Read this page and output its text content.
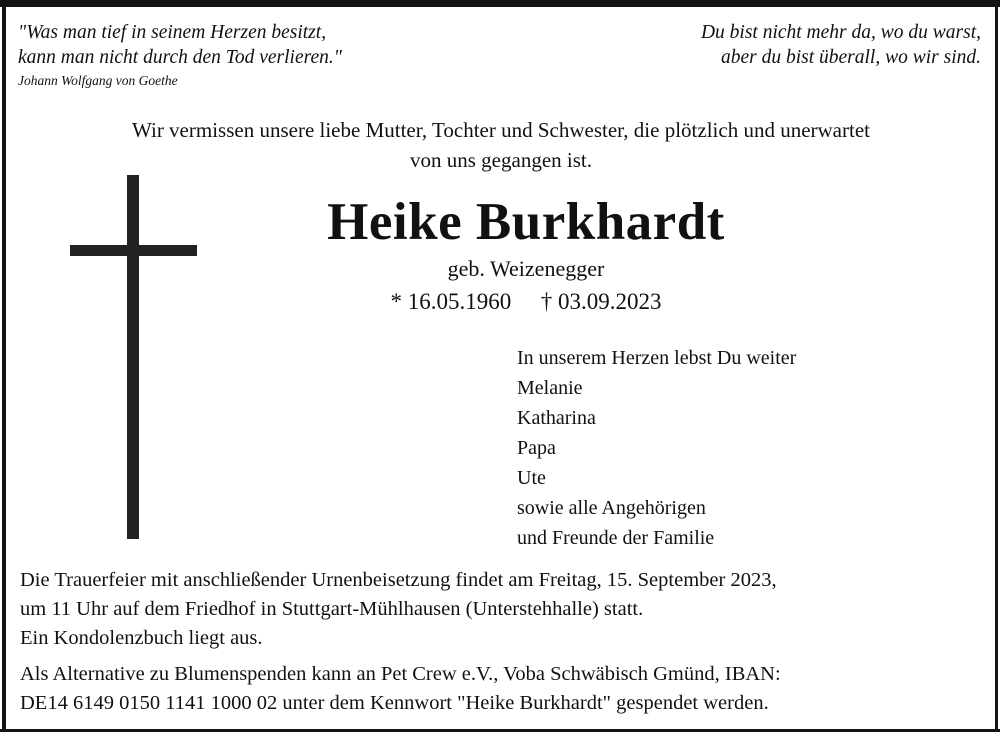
"Was man tief in seinem Herzen besitzt,
kann man nicht durch den Tod verlieren."
Johann Wolfgang von Goethe
Du bist nicht mehr da, wo du warst,
aber du bist überall, wo wir sind.
Wir vermissen unsere liebe Mutter, Tochter und Schwester, die plötzlich und unerwartet
von uns gegangen ist.
Heike Burkhardt
geb. Weizenegger
* 16.05.1960 † 03.09.2023
In unserem Herzen lebst Du weiter
Melanie
Katharina
Papa
Ute
sowie alle Angehörigen
und Freunde der Familie
Die Trauerfeier mit anschließender Urnenbeisetzung findet am Freitag, 15. September 2023,
um 11 Uhr auf dem Friedhof in Stuttgart-Mühlhausen (Unterstehhalle) statt.
Ein Kondolenzbuch liegt aus.
Als Alternative zu Blumenspenden kann an Pet Crew e.V., Voba Schwäbisch Gmünd, IBAN:
DE14 6149 0150 1141 1000 02 unter dem Kennwort "Heike Burkhardt" gespendet werden.
